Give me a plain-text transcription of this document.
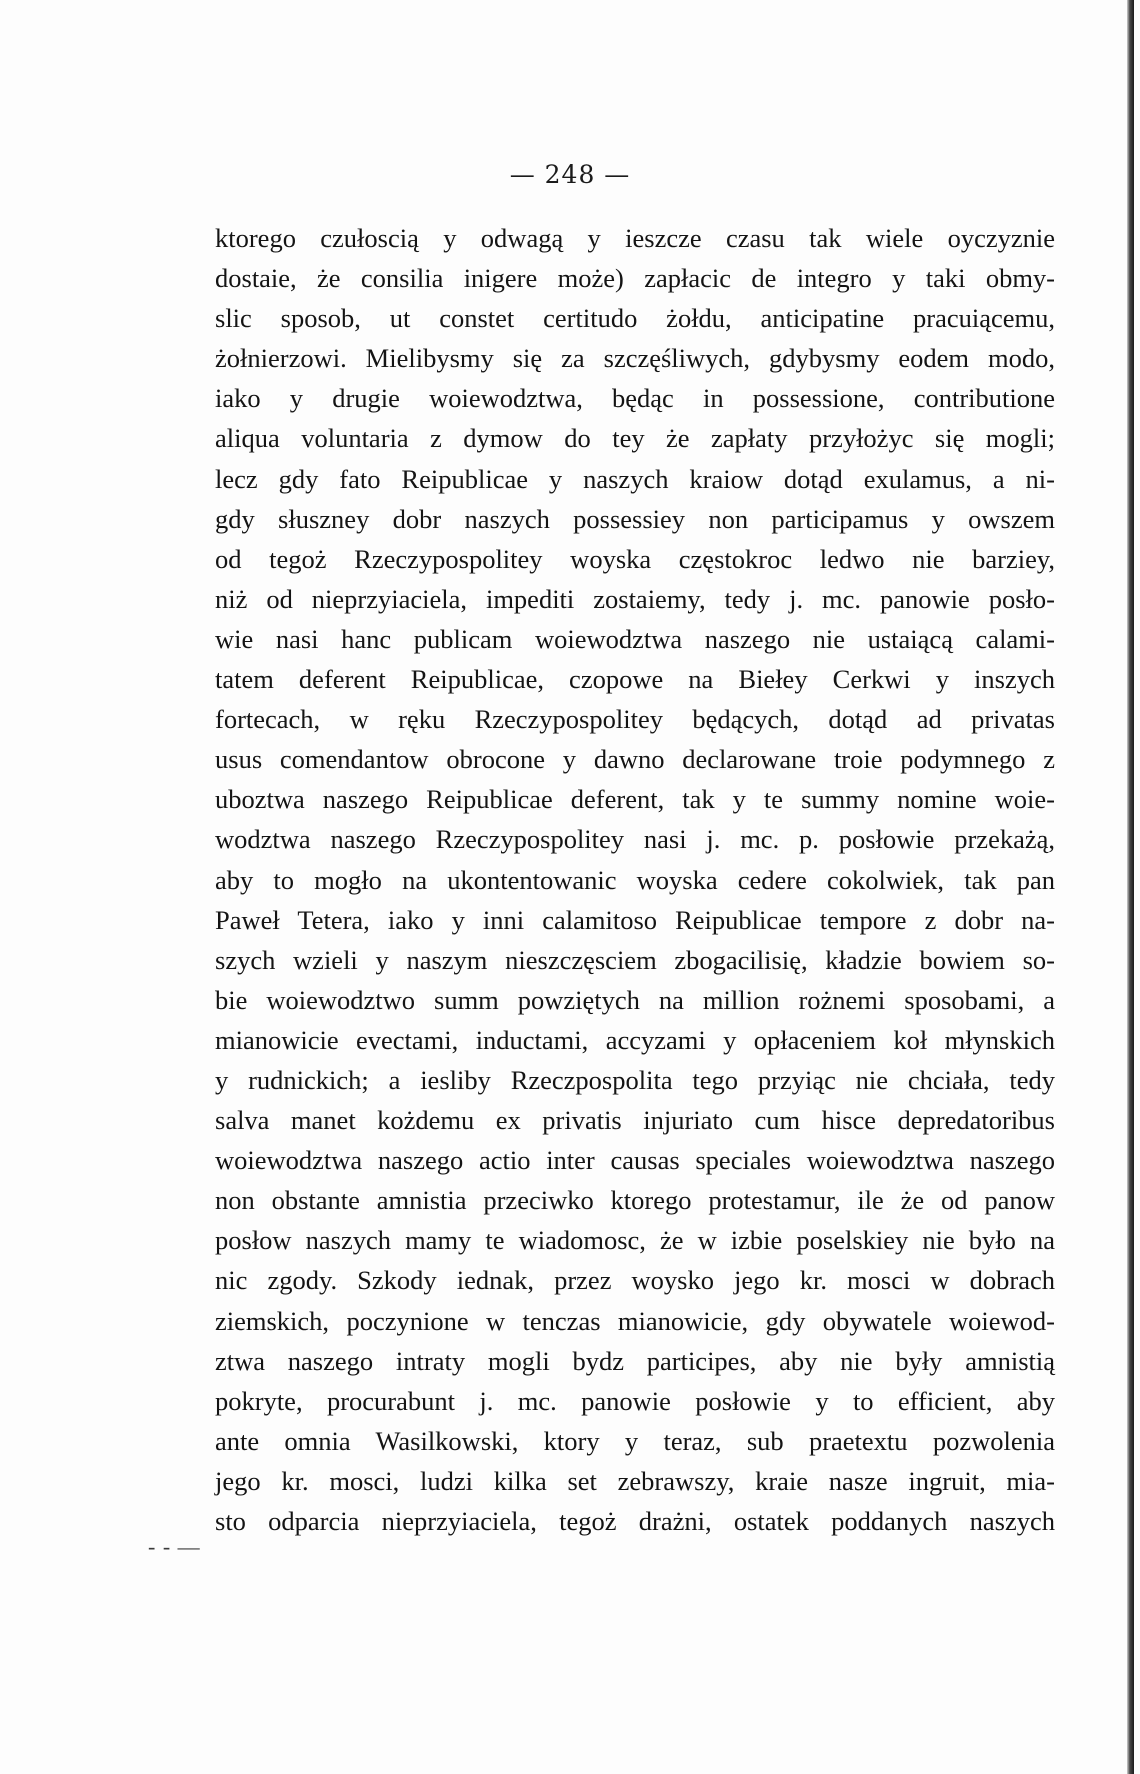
— 248 —
ktorego czułoscią y odwagą y ieszcze czasu tak wiele oyczyznie
dostaie, że consilia inigere może) zapłacic de integro y taki obmy-
slic sposob, ut constet certitudo żołdu, anticipatine pracuiącemu,
żołnierzowi. Mielibysmy się za szczęśliwych, gdybysmy eodem modo,
iako y drugie woiewodztwa, będąc in possessione, contributione
aliqua voluntaria z dymow do tey że zapłaty przyłożyc się mogli;
lecz gdy fato Reipublicae y naszych kraiow dotąd exulamus, a ni-
gdy słuszney dobr naszych possessiey non participamus y owszem
od tegoż Rzeczypospolitey woyska częstokroc ledwo nie barziey,
niż od nieprzyiaciela, impediti zostaiemy, tedy j. mc. panowie posło-
wie nasi hanc publicam woiewodztwa naszego nie ustaiącą calami-
tatem deferent Reipublicae, czopowe na Biełey Cerkwi y inszych
fortecach, w ręku Rzeczypospolitey będących, dotąd ad privatas
usus comendantow obrocone y dawno declarowane troie podymnego z
uboztwa naszego Reipublicae deferent, tak y te summy nomine woie-
wodztwa naszego Rzeczypospolitey nasi j. mc. p. posłowie przekażą,
aby to mogło na ukontentowanic woyska cedere cokolwiek, tak pan
Paweł Tetera, iako y inni calamitoso Reipublicae tempore z dobr na-
szych wzieli y naszym nieszczęsciem zbogacilisię, kładzie bowiem so-
bie woiewodztwo summ powziętych na million rożnemi sposobami, a
mianowicie evectami, inductami, accyzami y opłaceniem koł młynskich
y rudnickich; a iesliby Rzeczpospolita tego przyiąc nie chciała, tedy
salva manet kożdemu ex privatis injuriato cum hisce depredatoribus
woiewodztwa naszego actio inter causas speciales woiewodztwa naszego
non obstante amnistia przeciwko ktorego protestamur, ile że od panow
posłow naszych mamy te wiadomosc, że w izbie poselskiey nie było na
nic zgody. Szkody iednak, przez woysko jego kr. mosci w dobrach
ziemskich, poczynione w tenczas mianowicie, gdy obywatele woiewod-
ztwa naszego intraty mogli bydz participes, aby nie były amnistią
pokryte, procurabunt j. mc. panowie posłowie y to efficient, aby
ante omnia Wasilkowski, ktory y teraz, sub praetextu pozwolenia
jego kr. mosci, ludzi kilka set zebrawszy, kraie nasze ingruit, mia-
sto odparcia nieprzyiaciela, tegoż drażni, ostatek poddanych naszych
- - —
